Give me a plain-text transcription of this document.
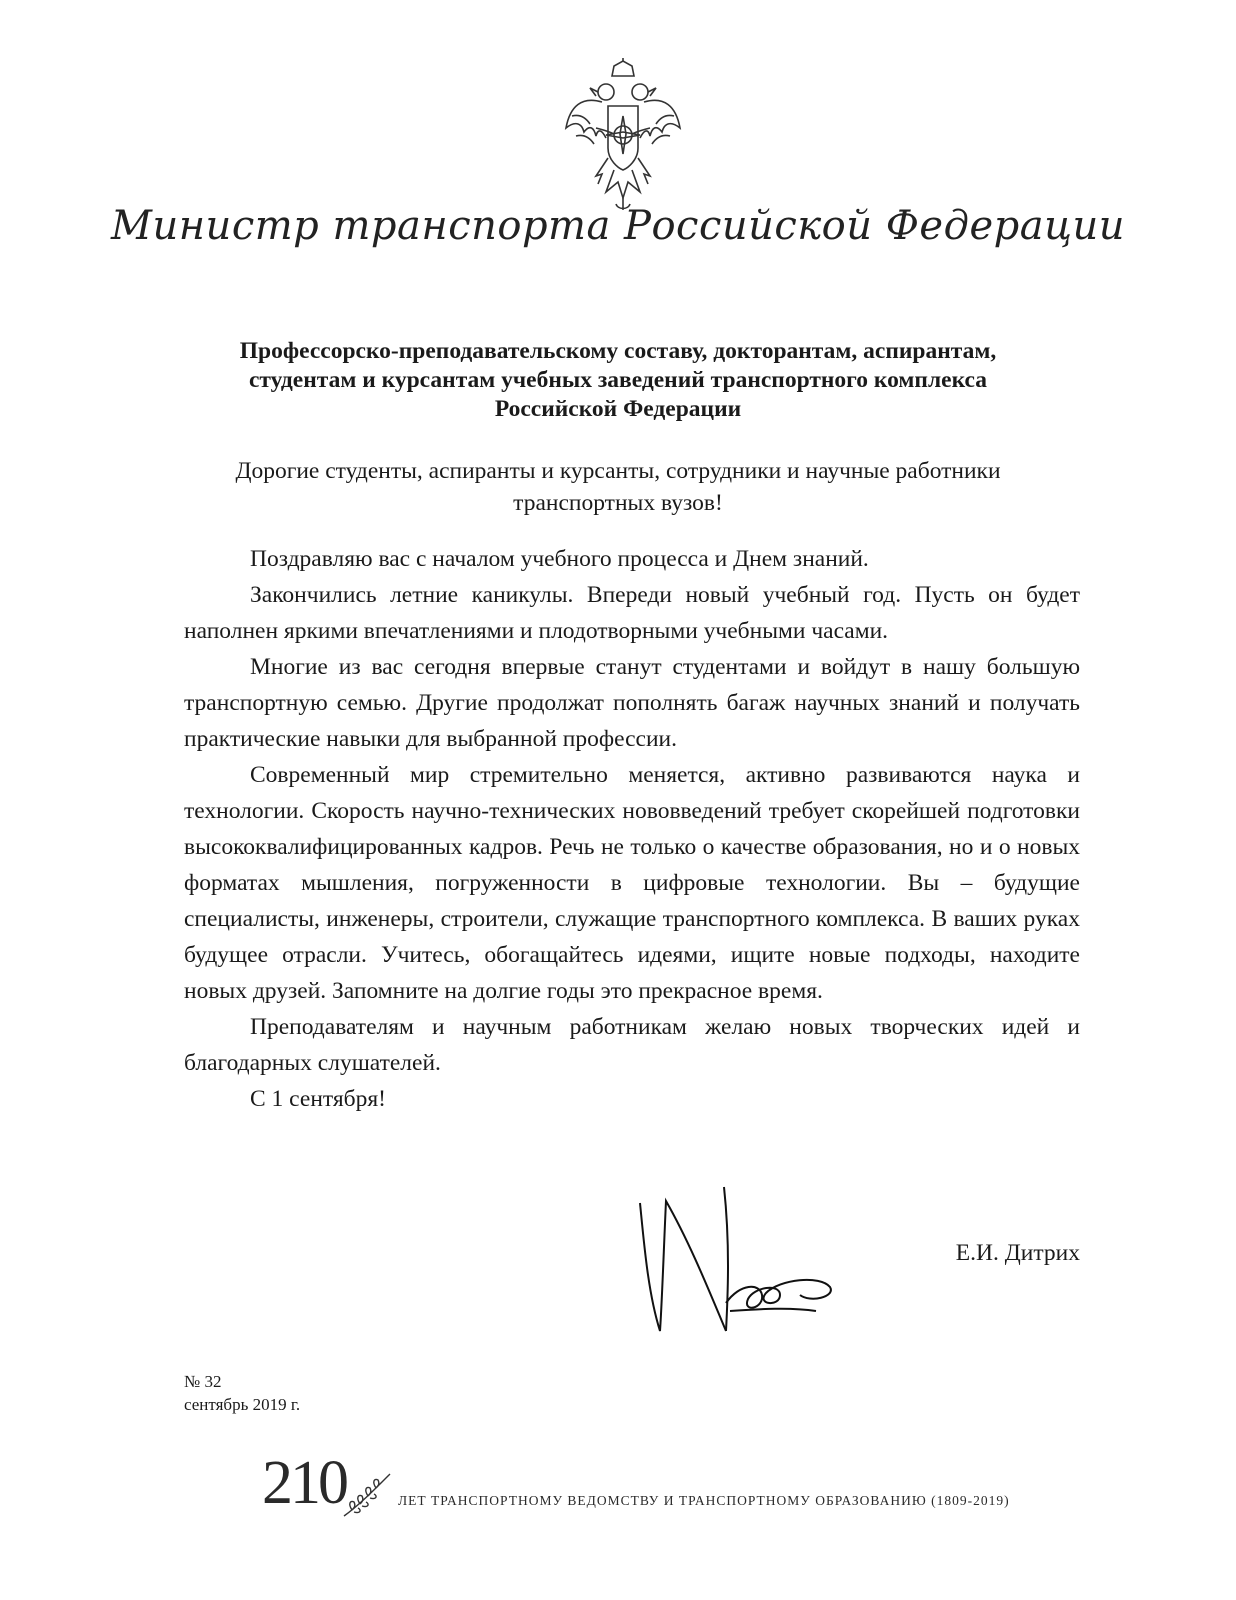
Министр транспорта Российской Федерации
Профессорско-преподавательскому составу, докторантам, аспирантам,
студентам и курсантам учебных заведений транспортного комплекса
Российской Федерации
Дорогие студенты, аспиранты и курсанты, сотрудники и научные работники
транспортных вузов!

Поздравляю вас с началом учебного процесса и Днем знаний.

Закончились летние каникулы. Впереди новый учебный год. Пусть он будет наполнен яркими впечатлениями и плодотворными учебными часами.

Многие из вас сегодня впервые станут студентами и войдут в нашу большую транспортную семью. Другие продолжат пополнять багаж научных знаний и получать практические навыки для выбранной профессии.

Современный мир стремительно меняется, активно развиваются наука и технологии. Скорость научно-технических нововведений требует скорейшей подготовки высококвалифицированных кадров. Речь не только о качестве образования, но и о новых форматах мышления, погруженности в цифровые технологии. Вы – будущие специалисты, инженеры, строители, служащие транспортного комплекса. В ваших руках будущее отрасли. Учитесь, обогащайтесь идеями, ищите новые подходы, находите новых друзей. Запомните на долгие годы это прекрасное время.

Преподавателям и научным работникам желаю новых творческих идей и благодарных слушателей.

С 1 сентября!

Е.И. Дитрих
№ 32
сентябрь 2019 г.
210	ЛЕТ ТРАНСПОРТНОМУ ВЕДОМСТВУ И ТРАНСПОРТНОМУ ОБРАЗОВАНИЮ (1809-2019)
